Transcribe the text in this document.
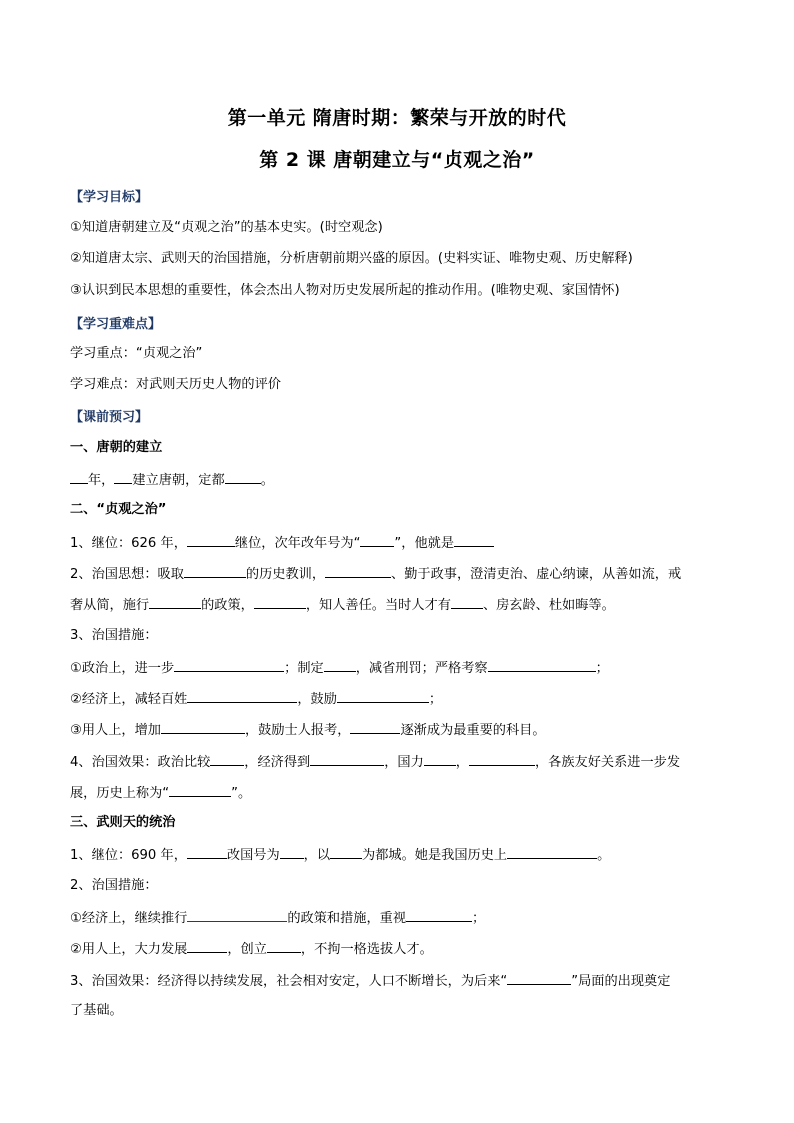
第一单元 隋唐时期：繁荣与开放的时代
第 2 课 唐朝建立与“贞观之治”
【学习目标】
①知道唐朝建立及“贞观之治”的基本史实。(时空观念)
②知道唐太宗、武则天的治国措施，分析唐朝前期兴盛的原因。(史料实证、唯物史观、历史解释)
③认识到民本思想的重要性，体会杰出人物对历史发展所起的推动作用。(唯物史观、家国情怀)
【学习重难点】
学习重点：“贞观之治”
学习难点：对武则天历史人物的评价
【课前预习】
一、唐朝的建立
年， 建立唐朝，定都	。
二、“贞观之治”
1、继位：626 年，	继位，次年改年号为“	”，他就是
2、治国思想：吸取	的历史教训，	、勤于政事，澄清吏治、虚心纳谏，从善如流，戒
奢从简，施行	的政策，	，知人善任。当时人才有 、房玄龄、杜如晦等。
3、治国措施：
①政治上，进一步	；制定 ，减省刑罚；严格考察	；
②经济上，减轻百姓	，鼓励	；
③用人上，增加	，鼓励士人报考，	逐渐成为最重要的科目。
4、治国效果：政治比较	，经济得到	，国力 ，	，各族友好关系进一步发
展，历史上称为“	”。
三、武则天的统治
1、继位：690 年，	改国号为 ，以 为都城。她是我国历史上	。
2、治国措施：
①经济上，继续推行	的政策和措施，重视	；
②用人上，大力发展	，创立	，不拘一格选拔人才。
3、治国效果：经济得以持续发展，社会相对安定，人口不断增长，为后来“	”局面的出现奠定
了基础。
